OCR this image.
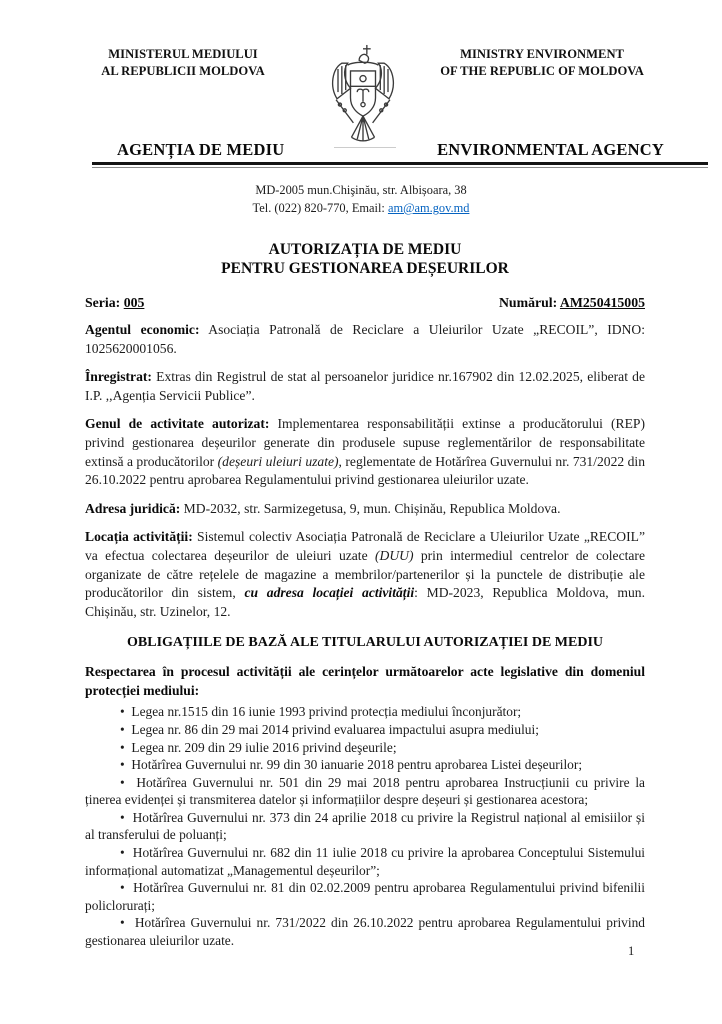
MINISTERUL MEDIULUI
AL REPUBLICII MOLDOVA
MINISTRY ENVIRONMENT
OF THE REPUBLIC OF MOLDOVA
AGENȚIA DE MEDIU	ENVIRONMENTAL AGENCY
MD-2005 mun.Chişinău, str. Albișoara, 38
Tel. (022) 820-770, Email: am@am.gov.md
AUTORIZAȚIA DE MEDIU
PENTRU GESTIONAREA DEȘEURILOR
Seria: 005	Numărul: AM250415005
Agentul economic: Asociația Patronală de Reciclare a Uleiurilor Uzate „RECOIL”, IDNO: 1025620001056.
Înregistrat: Extras din Registrul de stat al persoanelor juridice nr.167902 din 12.02.2025, eliberat de I.P. ,,Agenția Servicii Publice”.
Genul de activitate autorizat: Implementarea responsabilității extinse a producătorului (REP) privind gestionarea deșeurilor generate din produsele supuse reglementărilor de responsabilitate extinsă a producătorilor (deșeuri uleiuri uzate), reglementate de Hotărîrea Guvernului nr. 731/2022 din 26.10.2022 pentru aprobarea Regulamentului privind gestionarea uleiurilor uzate.
Adresa juridică: MD-2032, str. Sarmizegetusa, 9, mun. Chișinău, Republica Moldova.
Locația activității: Sistemul colectiv Asociația Patronală de Reciclare a Uleiurilor Uzate „RECOIL” va efectua colectarea deșeurilor de uleiuri uzate (DUU) prin intermediul centrelor de colectare organizate de către rețelele de magazine a membrilor/partenerilor și la punctele de distribuție ale producătorilor din sistem, cu adresa locației activității: MD-2023, Republica Moldova, mun. Chișinău, str. Uzinelor, 12.
OBLIGAȚIILE DE BAZĂ ALE TITULARULUI AUTORIZAȚIEI DE MEDIU
Respectarea în procesul activității ale cerințelor următoarelor acte legislative din domeniul protecției mediului:
•  Legea nr.1515 din 16 iunie 1993 privind protecția mediului înconjurător;
•  Legea nr. 86 din 29 mai 2014 privind evaluarea impactului asupra mediului;
•  Legea nr. 209 din 29 iulie 2016 privind deşeurile;
•  Hotărîrea Guvernului nr. 99 din 30 ianuarie 2018 pentru aprobarea Listei deșeurilor;
•  Hotărîrea Guvernului nr. 501 din 29 mai 2018 pentru aprobarea Instrucțiunii cu privire la ținerea evidenței și transmiterea datelor și informațiilor despre deșeuri și gestionarea acestora;
•  Hotărîrea Guvernului nr. 373 din 24 aprilie 2018 cu privire la Registrul național al emisiilor și al transferului de poluanți;
•  Hotărîrea Guvernului nr. 682 din 11 iulie 2018 cu privire la aprobarea Conceptului Sistemului informațional automatizat „Managementul deșeurilor”;
•  Hotărîrea Guvernului nr. 81 din 02.02.2009 pentru aprobarea Regulamentului privind bifenilii policlorurați;
•  Hotărîrea Guvernului nr. 731/2022 din 26.10.2022 pentru aprobarea Regulamentului privind gestionarea uleiurilor uzate.
1
